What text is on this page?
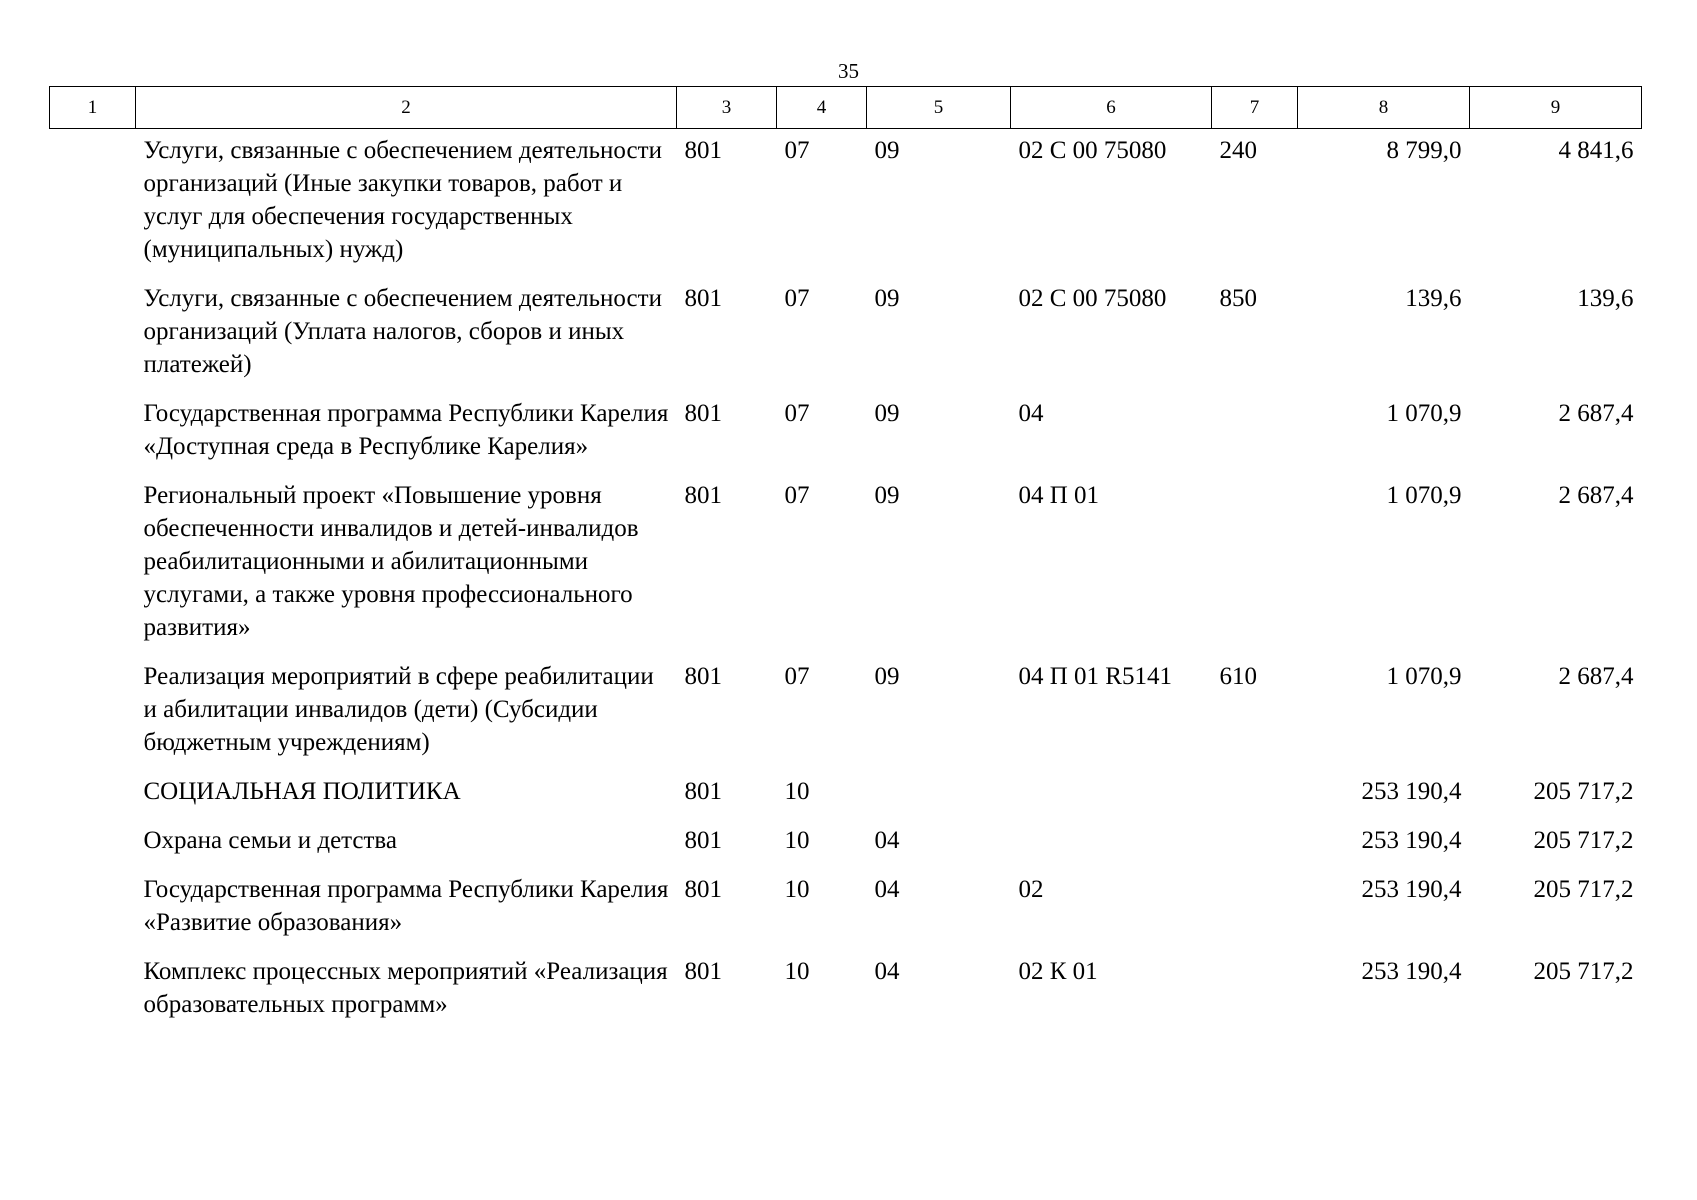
35
1	2	3	4	5	6	7	8	9
	Услуги, связанные с обеспечением деятельности организаций (Иные закупки товаров, работ и услуг для обеспечения государственных (муниципальных) нужд)	801	07	09	02 С 00 75080	240	8 799,0	4 841,6
	Услуги, связанные с обеспечением деятельности организаций (Уплата налогов, сборов и иных платежей)	801	07	09	02 С 00 75080	850	139,6	139,6
	Государственная программа Республики Карелия «Доступная среда в Республике Карелия»	801	07	09	04		1 070,9	2 687,4
	Региональный проект «Повышение уровня обеспеченности инвалидов и детей-инвалидов реабилитационными и абилитационными услугами, а также уровня профессионального развития»	801	07	09	04 П 01		1 070,9	2 687,4
	Реализация мероприятий в сфере реабилитации и абилитации инвалидов (дети) (Субсидии бюджетным учреждениям)	801	07	09	04 П 01 R5141	610	1 070,9	2 687,4
	СОЦИАЛЬНАЯ ПОЛИТИКА	801	10				253 190,4	205 717,2
	Охрана семьи и детства	801	10	04			253 190,4	205 717,2
	Государственная программа Республики Карелия «Развитие образования»	801	10	04	02		253 190,4	205 717,2
	Комплекс процессных мероприятий «Реализация образовательных программ»	801	10	04	02 К 01		253 190,4	205 717,2
